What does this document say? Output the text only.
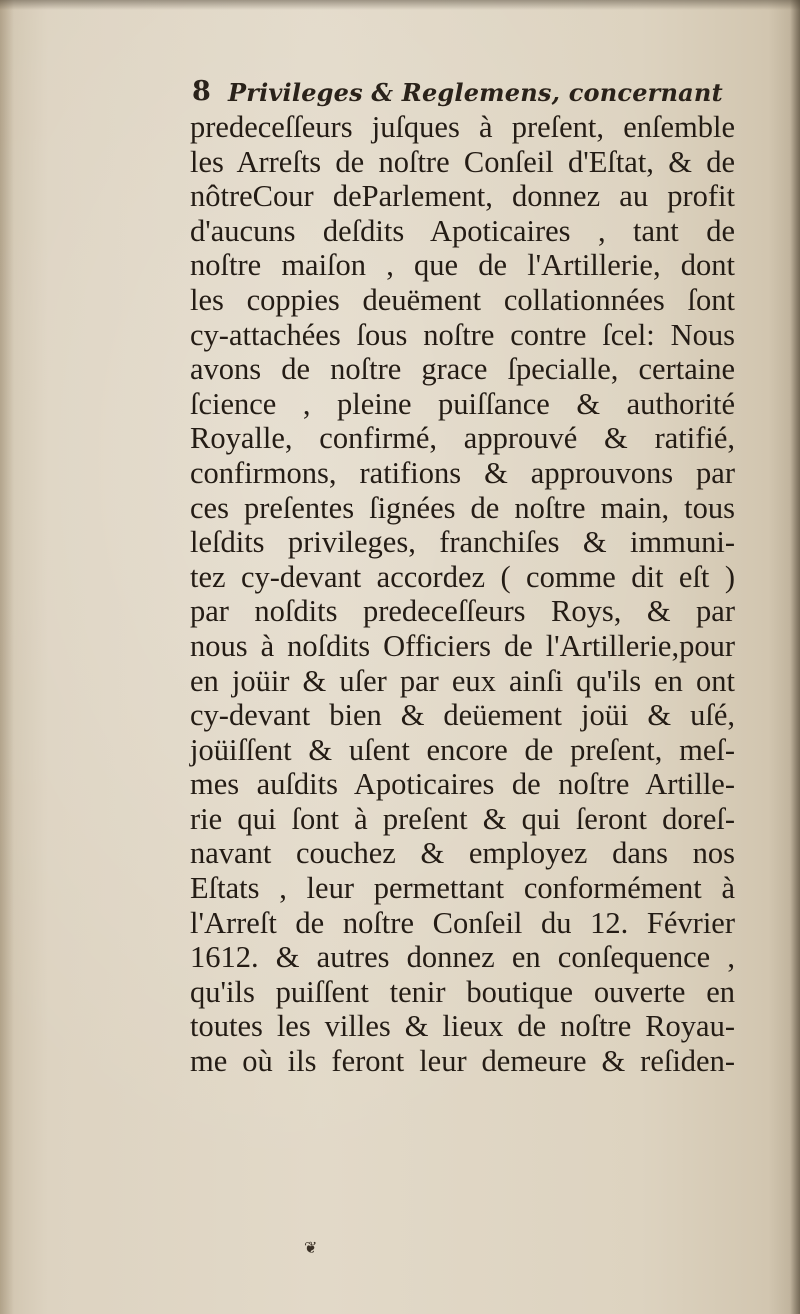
8 Privileges & Reglemens, concernant
predeceſſeurs juſques à preſent, enſemble
les Arreſts de noſtre Conſeil d'Eſtat, & de
nôtreCour deParlement, donnez au profit
d'aucuns deſdits Apoticaires , tant de
noſtre maiſon , que de l'Artillerie, dont
les coppies deuëment collationnées ſont
cy-attachées ſous noſtre contre ſcel: Nous
avons de noſtre grace ſpecialle, certaine
ſcience , pleine puiſſance & authorité
Royalle, confirmé, approuvé & ratifié,
confirmons, ratifions & approuvons par
ces preſentes ſignées de noſtre main, tous
leſdits privileges, franchiſes & immuni-
tez cy-devant accordez ( comme dit eſt )
par noſdits predeceſſeurs Roys, & par
nous à noſdits Officiers de l'Artillerie,pour
en joüir & uſer par eux ainſi qu'ils en ont
cy-devant bien & deüement joüi & uſé,
joüiſſent & uſent encore de preſent, meſ-
mes auſdits Apoticaires de noſtre Artille-
rie qui ſont à preſent & qui ſeront doreſ-
navant couchez & employez dans nos
Eſtats , leur permettant conformément à
l'Arreſt de noſtre Conſeil du 12. Février
1612. & autres donnez en conſequence ,
qu'ils puiſſent tenir boutique ouverte en
toutes les villes & lieux de noſtre Royau-
me où ils feront leur demeure & reſiden-
❦
